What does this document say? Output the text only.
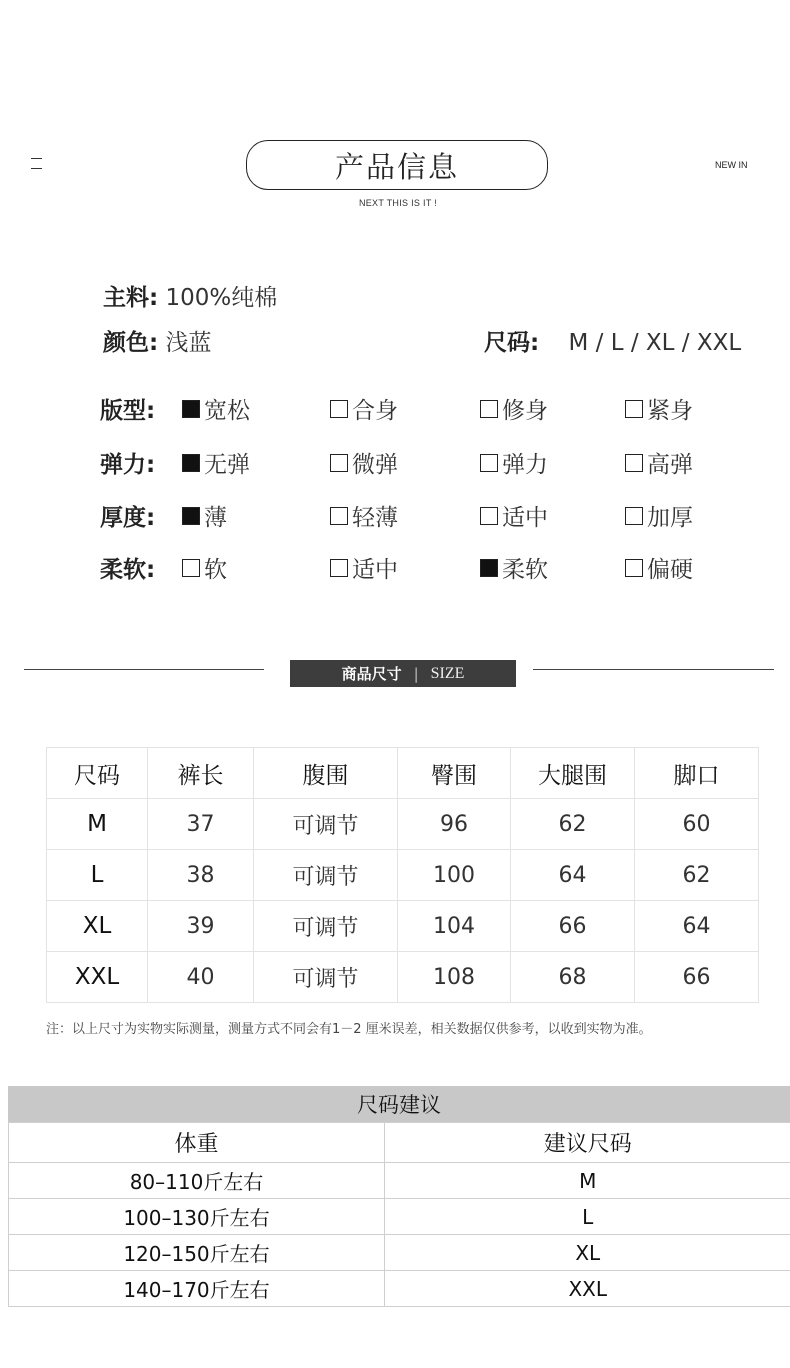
产品信息
NEXT THIS IS IT !
NEW IN
主料: 100%纯棉
颜色: 浅蓝	尺码: M / L / XL / XXL
版型: 宽松	合身	修身	紧身
弹力: 无弹	微弹	弹力	高弹
厚度: 薄	轻薄	适中	加厚
柔软: 软	适中	柔软	偏硬
商品尺寸 | SIZE
尺码	裤长	腹围	臀围	大腿围	脚口
M	37	可调节	96	62	60
L	38	可调节	100	64	62
XL	39	可调节	104	66	64
XXL	40	可调节	108	68	66
注：以上尺寸为实物实际测量，测量方式不同会有1－2 厘米误差，相关数据仅供参考，以收到实物为准。
尺码建议
体重	建议尺码
80–110斤左右	M
100–130斤左右	L
120–150斤左右	XL
140–170斤左右	XXL
